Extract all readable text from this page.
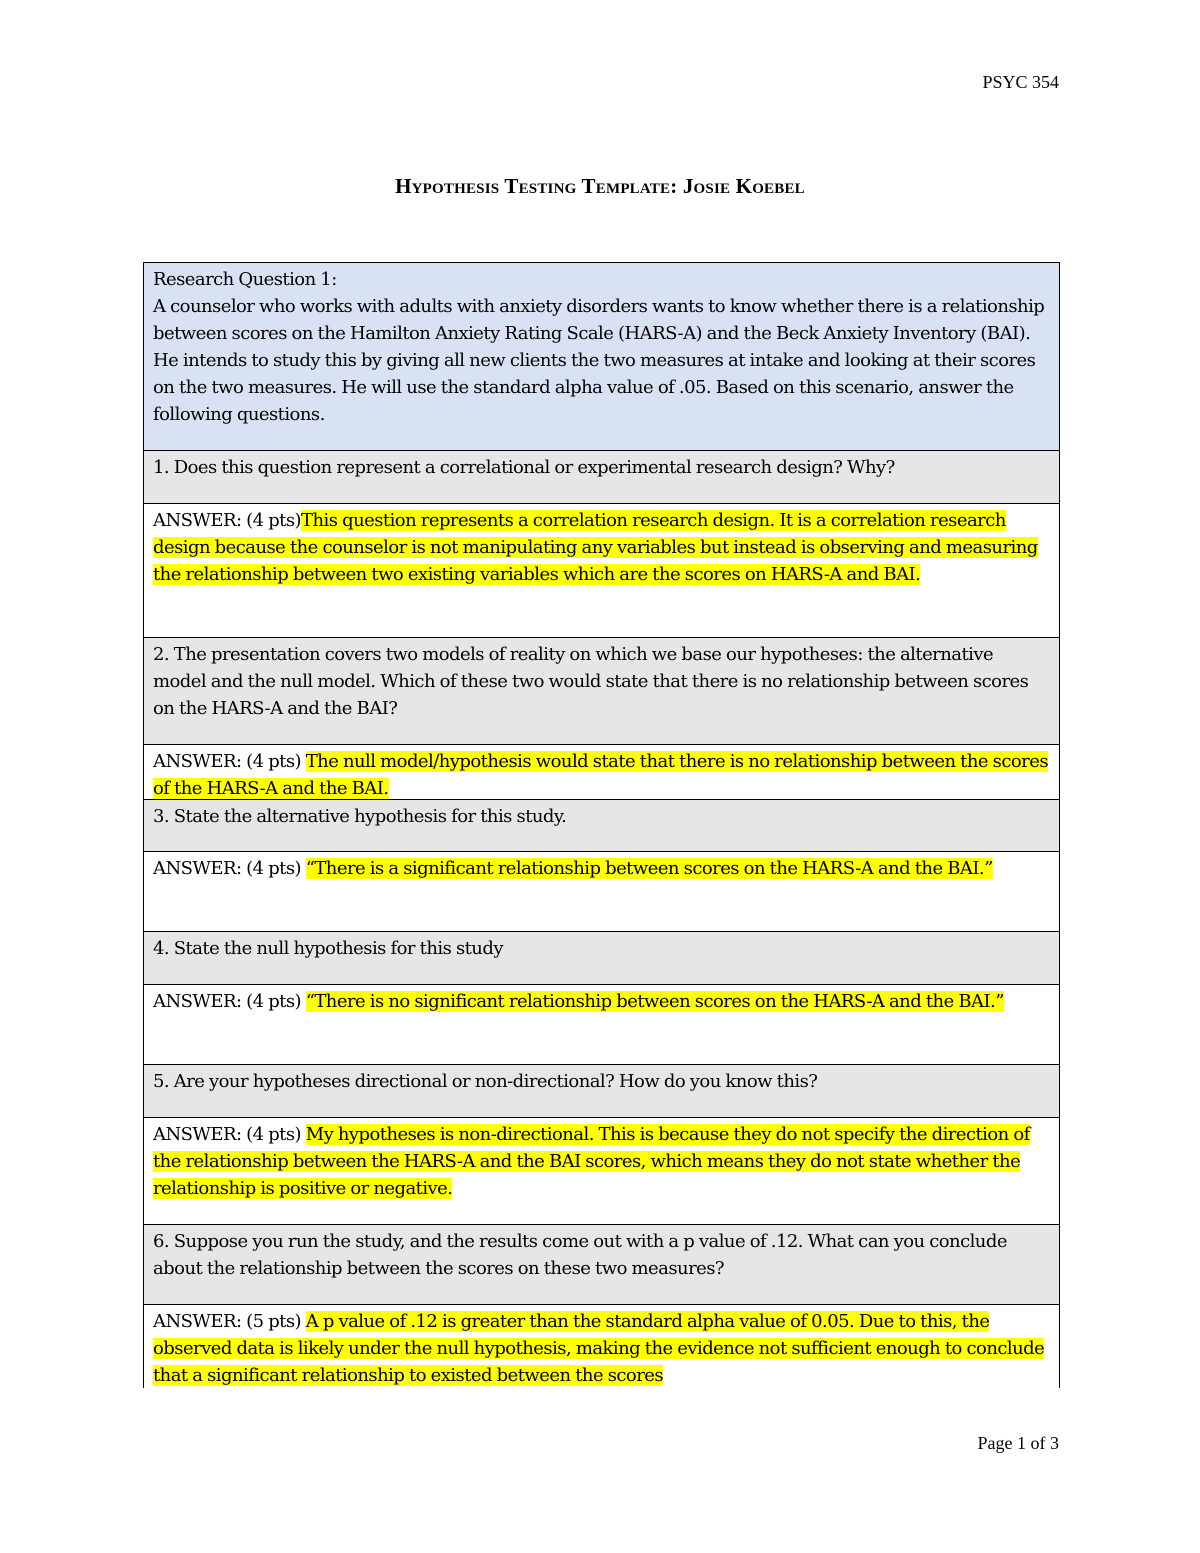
PSYC 354
Hypothesis Testing Template: Josie Koebel
Research Question 1:
A counselor who works with adults with anxiety disorders wants to know whether there is a relationship between scores on the Hamilton Anxiety Rating Scale (HARS-A) and the Beck Anxiety Inventory (BAI). He intends to study this by giving all new clients the two measures at intake and looking at their scores on the two measures. He will use the standard alpha value of .05. Based on this scenario, answer the following questions.
1. Does this question represent a correlational or experimental research design? Why?
ANSWER: (4 pts)This question represents a correlation research design. It is a correlation research design because the counselor is not manipulating any variables but instead is observing and measuring the relationship between two existing variables which are the scores on HARS-A and BAI.
2. The presentation covers two models of reality on which we base our hypotheses: the alternative model and the null model. Which of these two would state that there is no relationship between scores on the HARS-A and the BAI?
ANSWER: (4 pts) The null model/hypothesis would state that there is no relationship between the scores of the HARS-A and the BAI.
3. State the alternative hypothesis for this study.
ANSWER: (4 pts) “There is a significant relationship between scores on the HARS-A and the BAI.”
4. State the null hypothesis for this study
ANSWER: (4 pts) “There is no significant relationship between scores on the HARS-A and the BAI.”
5. Are your hypotheses directional or non-directional? How do you know this?
ANSWER: (4 pts) My hypotheses is non-directional. This is because they do not specify the direction of the relationship between the HARS-A and the BAI scores, which means they do not state whether the relationship is positive or negative.
6. Suppose you run the study, and the results come out with a p value of .12. What can you conclude about the relationship between the scores on these two measures?
ANSWER: (5 pts) A p value of .12 is greater than the standard alpha value of 0.05. Due to this, the observed data is likely under the null hypothesis, making the evidence not sufficient enough to conclude that a significant relationship to existed between the scores
Page 1 of 3
